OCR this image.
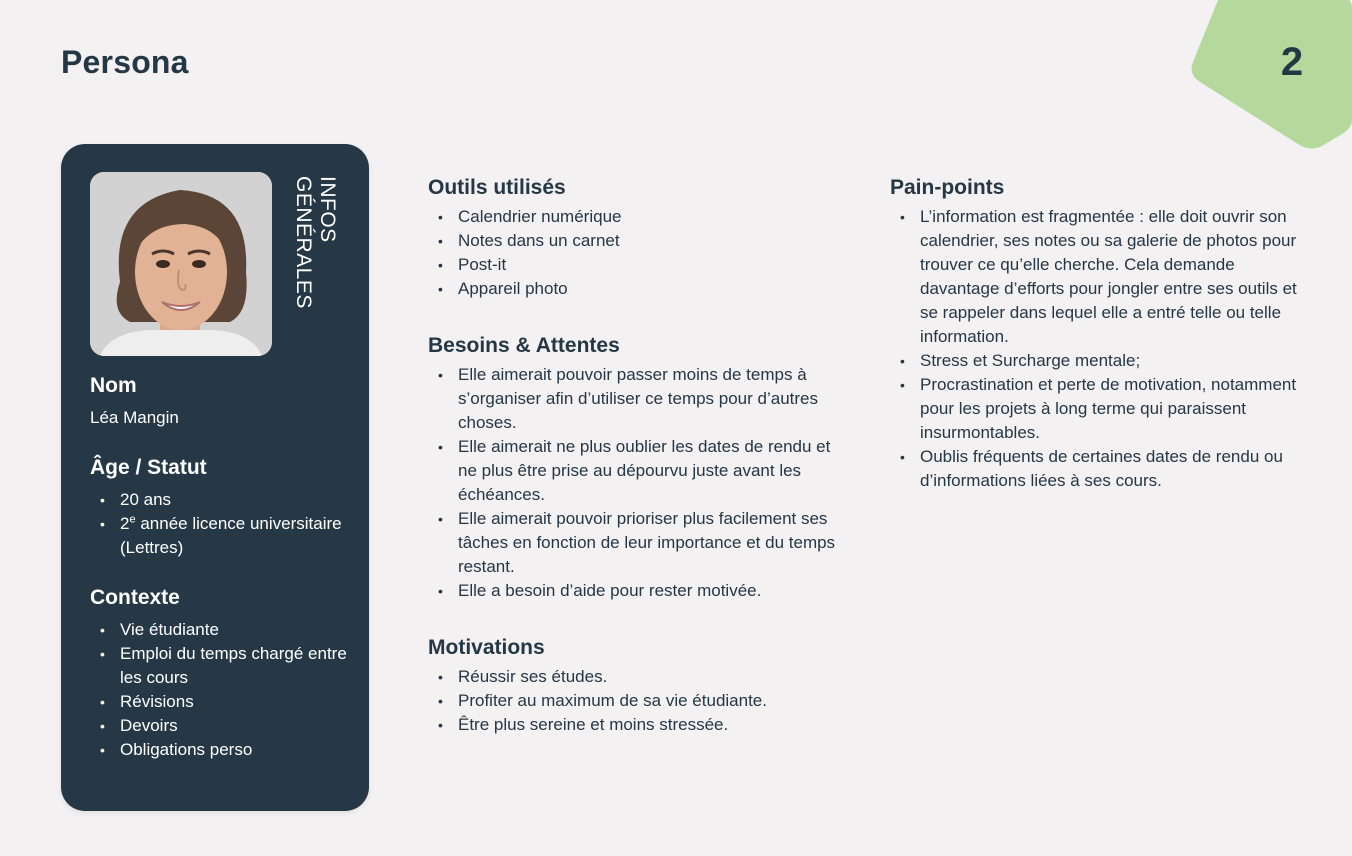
Persona	2
INFOS
GÉNÉRALES
Nom

Léa Mangin

Âge / Statut
• 20 ans
• 2e année licence universitaire (Lettres)
Contexte
• Vie étudiante
• Emploi du temps chargé entre les cours
• Révisions
• Devoirs
• Obligations perso
Outils utilisés
• Calendrier numérique
• Notes dans un carnet
• Post-it
• Appareil photo
Besoins & Attentes
• Elle aimerait pouvoir passer moins de temps à s’organiser afin d’utiliser ce temps pour d’autres choses.
• Elle aimerait ne plus oublier les dates de rendu et ne plus être prise au dépourvu juste avant les échéances.
• Elle aimerait pouvoir prioriser plus facilement ses tâches en fonction de leur importance et du temps restant.
• Elle a besoin d’aide pour rester motivée.
Motivations
• Réussir ses études.
• Profiter au maximum de sa vie étudiante.
• Être plus sereine et moins stressée.
Pain-points
• L’information est fragmentée : elle doit ouvrir son calendrier, ses notes ou sa galerie de photos pour trouver ce qu’elle cherche. Cela demande davantage d’efforts pour jongler entre ses outils et se rappeler dans lequel elle a entré telle ou telle information.
• Stress et Surcharge mentale;
• Procrastination et perte de motivation, notamment pour les projets à long terme qui paraissent insurmontables.
• Oublis fréquents de certaines dates de rendu ou d’informations liées à ses cours.
